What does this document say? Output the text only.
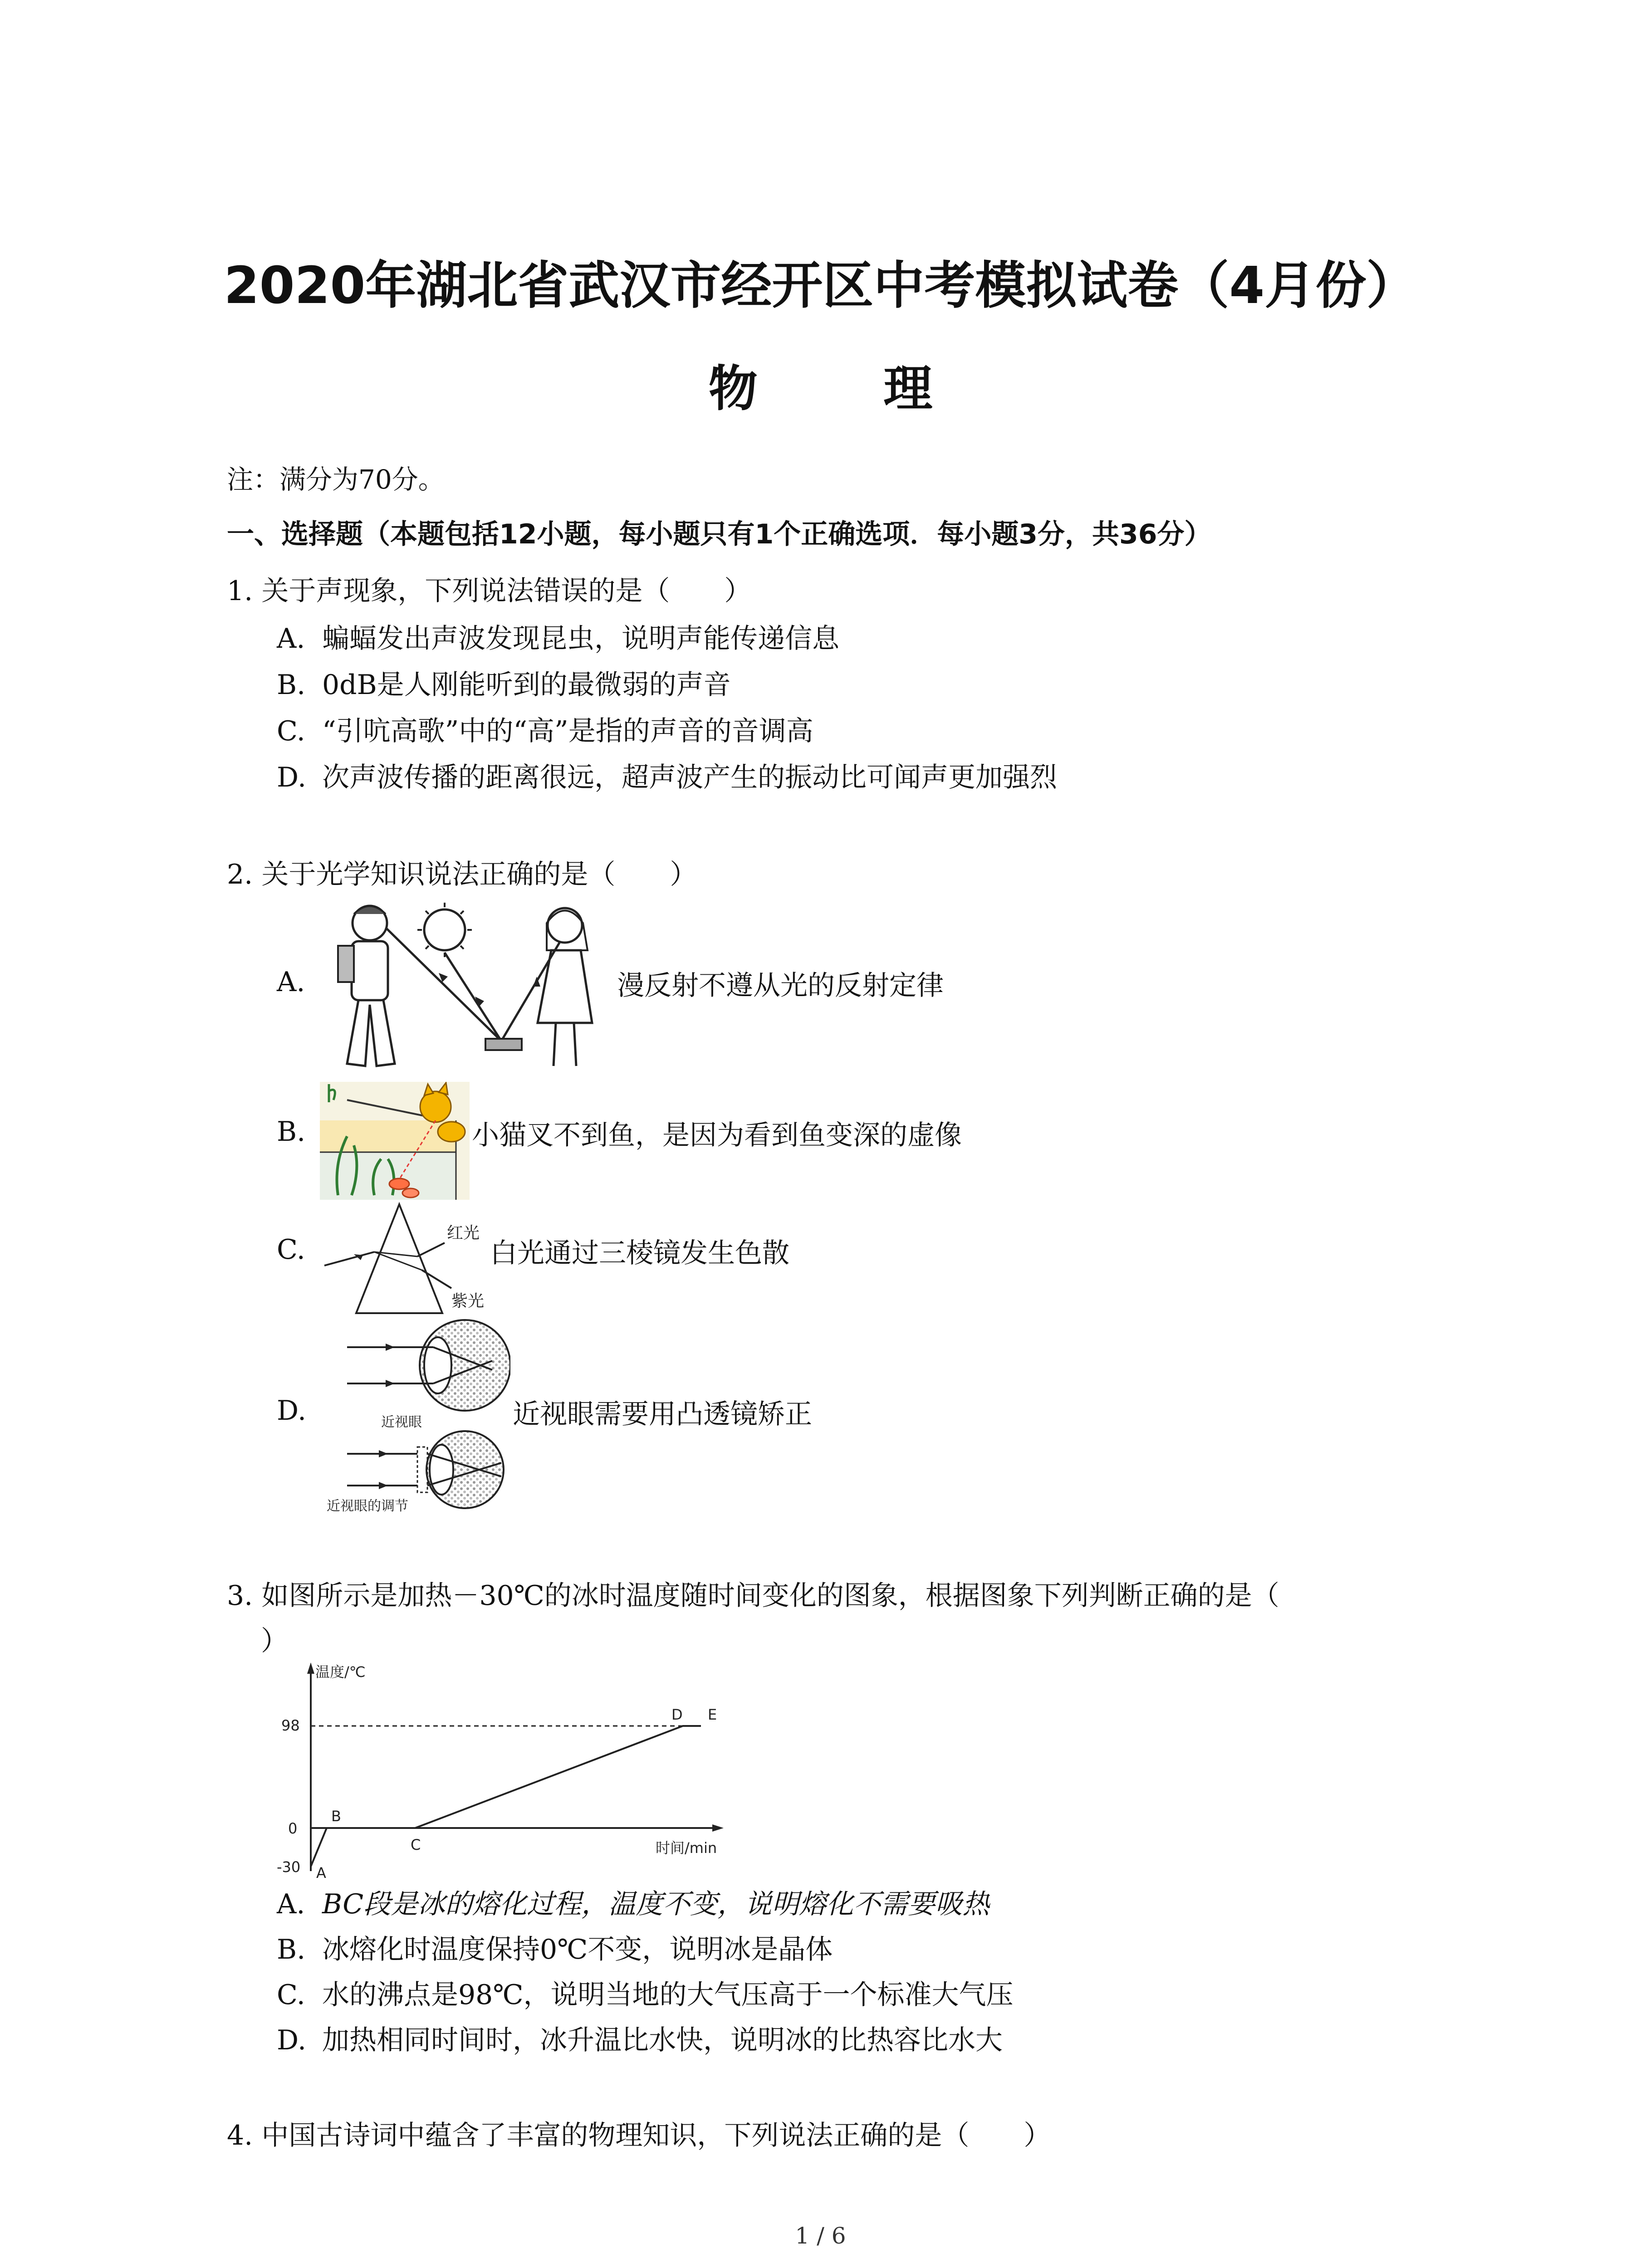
2020年湖北省武汉市经开区中考模拟试卷（4月份）
物 理
注：满分为70分。
一、选择题（本题包括12小题，每小题只有1个正确选项．每小题3分，共36分）
1. 关于声现象，下列说法错误的是（　　）
A. 蝙蝠发出声波发现昆虫，说明声能传递信息
B. 0dB是人刚能听到的最微弱的声音
C. “引吭高歌”中的“高”是指的声音的音调高
D. 次声波传播的距离很远，超声波产生的振动比可闻声更加强烈
2. 关于光学知识说法正确的是（　　）
A.	漫反射不遵从光的反射定律
B.	小猫叉不到鱼，是因为看到鱼变深的虚像
C.
红光
紫光
白光通过三棱镜发生色散
D.	近视眼
近视眼的调节
近视眼需要用凸透镜矫正
3. 如图所示是加热－30℃的冰时温度随时间变化的图象，根据图象下列判断正确的是（
）
温度/℃
时间/min
98
0
-30 A
B
C
D E
A. BC段是冰的熔化过程，温度不变，说明熔化不需要吸热
B. 冰熔化时温度保持0℃不变，说明冰是晶体
C. 水的沸点是98℃，说明当地的大气压高于一个标准大气压
D. 加热相同时间时，冰升温比水快，说明冰的比热容比水大
4. 中国古诗词中蕴含了丰富的物理知识，下列说法正确的是（　　）
1 / 6
